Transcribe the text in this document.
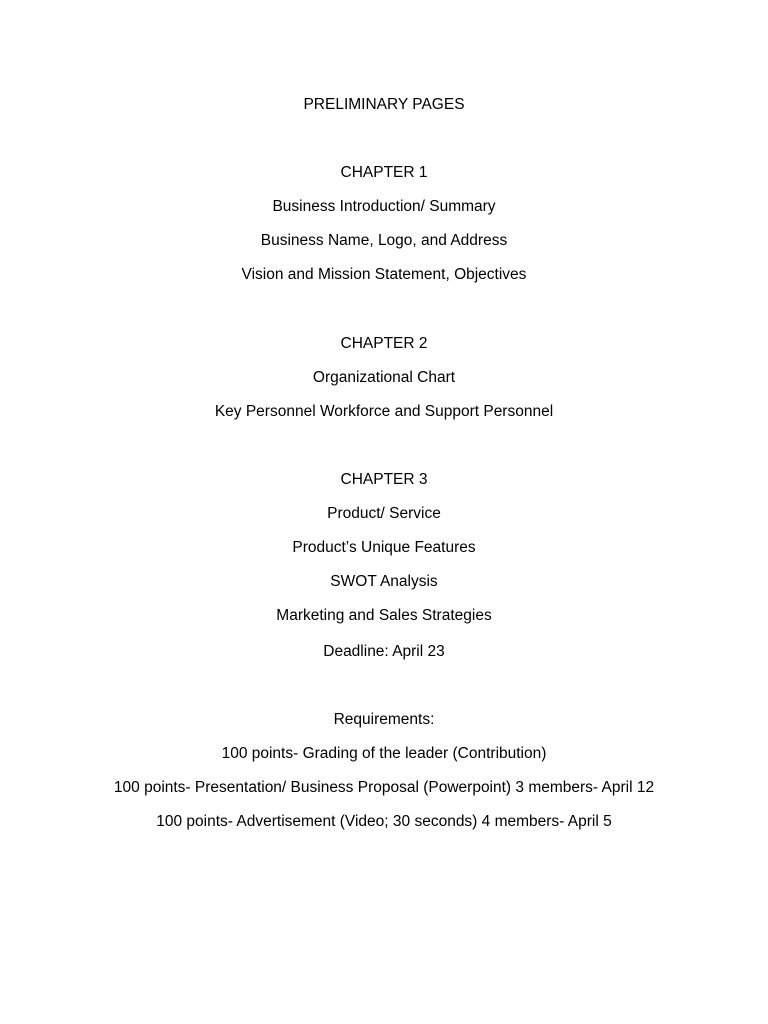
PRELIMINARY PAGES
CHAPTER 1
Business Introduction/ Summary
Business Name, Logo, and Address
Vision and Mission Statement, Objectives
CHAPTER 2
Organizational Chart
Key Personnel Workforce and Support Personnel
CHAPTER 3
Product/ Service
Product’s Unique Features
SWOT Analysis
Marketing and Sales Strategies
Deadline: April 23
Requirements:
100 points- Grading of the leader (Contribution)
100 points- Presentation/ Business Proposal (Powerpoint) 3 members- April 12
100 points- Advertisement (Video; 30 seconds) 4 members- April 5
